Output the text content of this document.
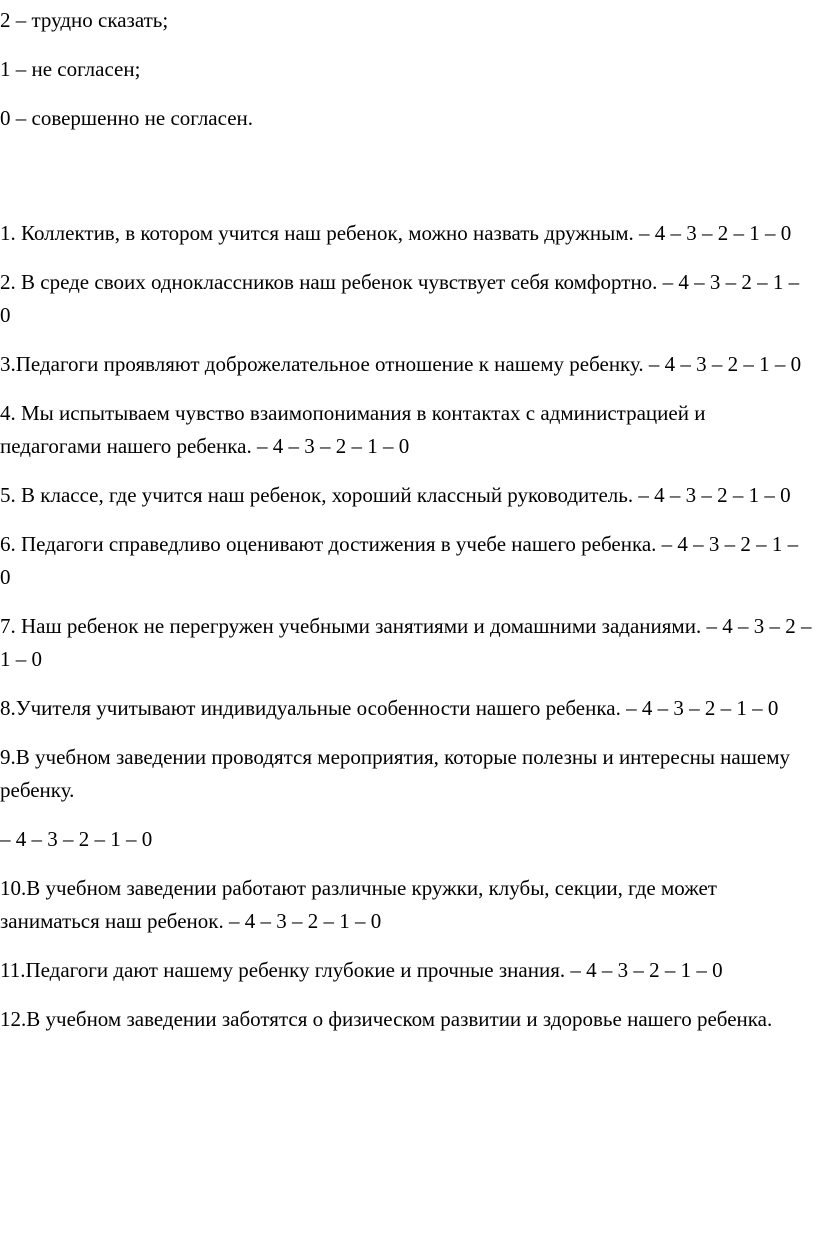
2 – трудно сказать;

1 – не согласен;

0 – совершенно не согласен.

1. Коллектив, в котором учится наш ребенок, можно назвать дружным. – 4 – 3 – 2 – 1 – 0

2. В среде своих одноклассников наш ребенок чувствует себя комфортно. – 4 – 3 – 2 – 1 – 0

3.Педагоги проявляют доброжелательное отношение к нашему ребенку. – 4 – 3 – 2 – 1 – 0

4. Мы испытываем чувство взаимопонимания в контактах с администрацией и педагогами нашего ребенка. – 4 – 3 – 2 – 1 – 0

5. В классе, где учится наш ребенок, хороший классный руководитель. – 4 – 3 – 2 – 1 – 0

6. Педагоги справедливо оценивают достижения в учебе нашего ребенка. – 4 – 3 – 2 – 1 – 0

7. Наш ребенок не перегружен учебными занятиями и домашними заданиями. – 4 – 3 – 2 – 1 – 0

8.Учителя учитывают индивидуальные особенности нашего ребенка. – 4 – 3 – 2 – 1 – 0

9.В учебном заведении проводятся мероприятия, которые полезны и интересны нашему ребенку.

– 4 – 3 – 2 – 1 – 0

10.В учебном заведении работают различные кружки, клубы, секции, где может заниматься наш ребенок. – 4 – 3 – 2 – 1 – 0

11.Педагоги дают нашему ребенку глубокие и прочные знания. – 4 – 3 – 2 – 1 – 0

12.В учебном заведении заботятся о физическом развитии и здоровье нашего ребенка.
